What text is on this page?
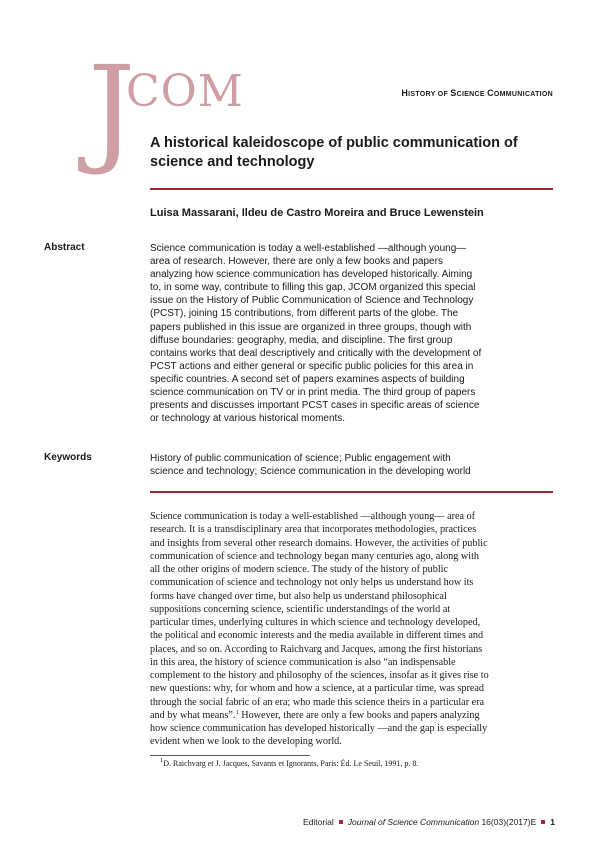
J
COM	HISTORY OF SCIENCE COMMUNICATION
A historical kaleidoscope of public communication of science and technology
Luisa Massarani, Ildeu de Castro Moreira and Bruce Lewenstein
Abstract	Science communication is today a well-established —although young—
area of research. However, there are only a few books and papers
analyzing how science communication has developed historically. Aiming
to, in some way, contribute to filling this gap, JCOM organized this special
issue on the History of Public Communication of Science and Technology
(PCST), joining 15 contributions, from different parts of the globe. The
papers published in this issue are organized in three groups, though with
diffuse boundaries: geography, media, and discipline. The first group
contains works that deal descriptively and critically with the development of
PCST actions and either general or specific public policies for this area in
specific countries. A second set of papers examines aspects of building
science communication on TV or in print media. The third group of papers
presents and discusses important PCST cases in specific areas of science
or technology at various historical moments.
Keywords	History of public communication of science; Public engagement with
science and technology; Science communication in the developing world
Science communication is today a well-established —although young— area of
research. It is a transdisciplinary area that incorporates methodologies, practices
and insights from several other research domains. However, the activities of public
communication of science and technology began many centuries ago, along with
all the other origins of modern science. The study of the history of public
communication of science and technology not only helps us understand how its
forms have changed over time, but also help us understand philosophical
suppositions concerning science, scientific understandings of the world at
particular times, underlying cultures in which science and technology developed,
the political and economic interests and the media available in different times and
places, and so on. According to Raichvarg and Jacques, among the first historians
in this area, the history of science communication is also “an indispensable
complement to the history and philosophy of the sciences, insofar as it gives rise to
new questions: why, for whom and how a science, at a particular time, was spread
through the social fabric of an era; who made this science theirs in a particular era
and by what means”.$^1$ However, there are only a few books and papers analyzing
how science communication has developed historically —and the gap is especially
evident when we look to the developing world.
$^1$D. Raichvarg et J. Jacques, Savants et Ignorants, Paris: Éd. Le Seuil, 1991, p. 8.
Editorial Journal of Science Communication 16(03)(2017)E 1
